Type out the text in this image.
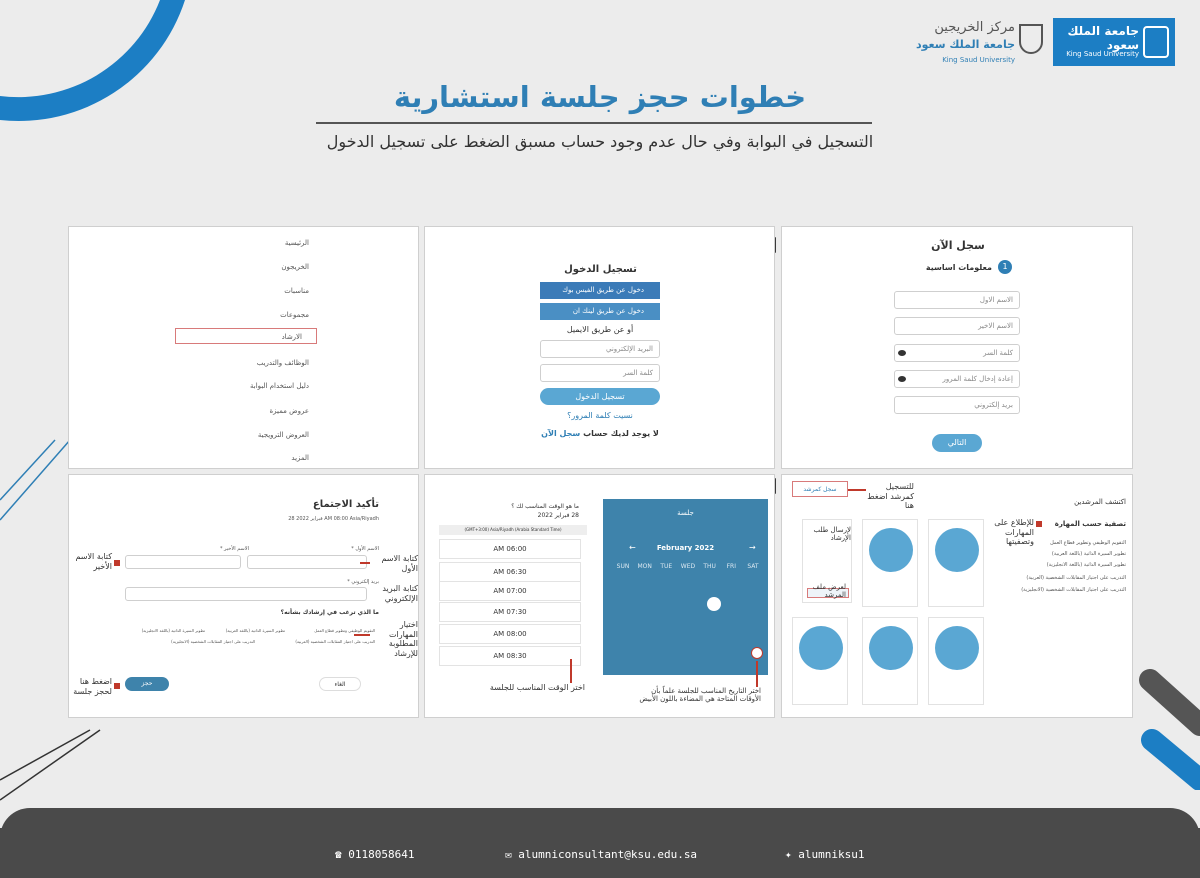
جامعة الملك سعود
King Saud University
مركز الخريجين
جامعة الملك سعود
King Saud University
خطوات حجز جلسة استشارية
التسجيل في البوابة وفي حال عدم وجود حساب مسبق الضغط على تسجيل الدخول
سجل الآن
1
معلومات اساسية
الاسم الاول
الاسم الاخير
كلمة السر
إعادة إدخال كلمة المرور
بريد إلكتروني
التالي
تسجيل الدخول
دخول عن طريق الفيس بوك
دخول عن طريق لينك ان
أو عن طريق الايميل
البريد الإلكتروني
كلمة السر
تسجيل الدخول
نسيت كلمة المرور؟
لا يوجد لديك حساب سجل الآن
الرئيسية
الخريجون
مناسبات
مجموعات
الارشاد
الوظائف والتدريب
دليل استخدام البوابة
عروض مميزة
العروض الترويجية
المزيد
سجل كمرشد	للتسجيل كمرشد اضغط هنا	اكتشف المرشدين
تصفية حسب المهارة
للإطلاع على المهارات وتصفيتها	التقويم الوظيفي وتطوير قطاع العمل
تطوير السيرة الذاتية (باللغة العربية)
تطوير السيرة الذاتية (باللغة الانجليزية)
التدريب على اجتياز المقابلات الشخصية (العربية)
التدريب على اجتياز المقابلات الشخصية (الانجليزية)
لإرسال طلب الإرشاد
لعرض ملف المرشد
جلسة
←	February 2022	→
SUN	MON	TUE	WED	THU	FRI	SAT
اختر التاريخ المناسب للجلسة علماً بأن الأوقات المتاحة هي المضاءة باللون الأبيض
ما هو الوقت المناسب لك ؟
28 فبراير 2022
(GMT+3:00) Asia/Riyadh (Arabia Standard Time)
AM 06:00
AM 06:30
AM 07:00
AM 07:30
AM 08:00
AM 08:30
اختر الوقت المناسب للجلسة
تأكيد الاجتماع
28 فبراير 2022 AM 08:00 Asia/Riyadh
الاسم الأول *
الاسم الأخير *
بريد إلكتروني *
ما الذي ترغب في إرشادك بشأنه؟
التقويم الوظيفي وتطوير قطاع العمل
تطوير السيرة الذاتية (باللغة العربية)
تطوير السيرة الذاتية (باللغة الانجليزية)
التدريب على اجتياز المقابلات الشخصية (العربية)
التدريب على اجتياز المقابلات الشخصية (الانجليزية)
الغاء
حجز
كتابة الاسم الأول
كتابة الاسم الأخير
كتابة البريد الإلكتروني
اختيار المهارات المطلوبة للإرشاد
اضغط هنا لحجز جلسة
☎ 0118058641	✉ alumniconsultant@ksu.edu.sa	✦ alumniksu1
